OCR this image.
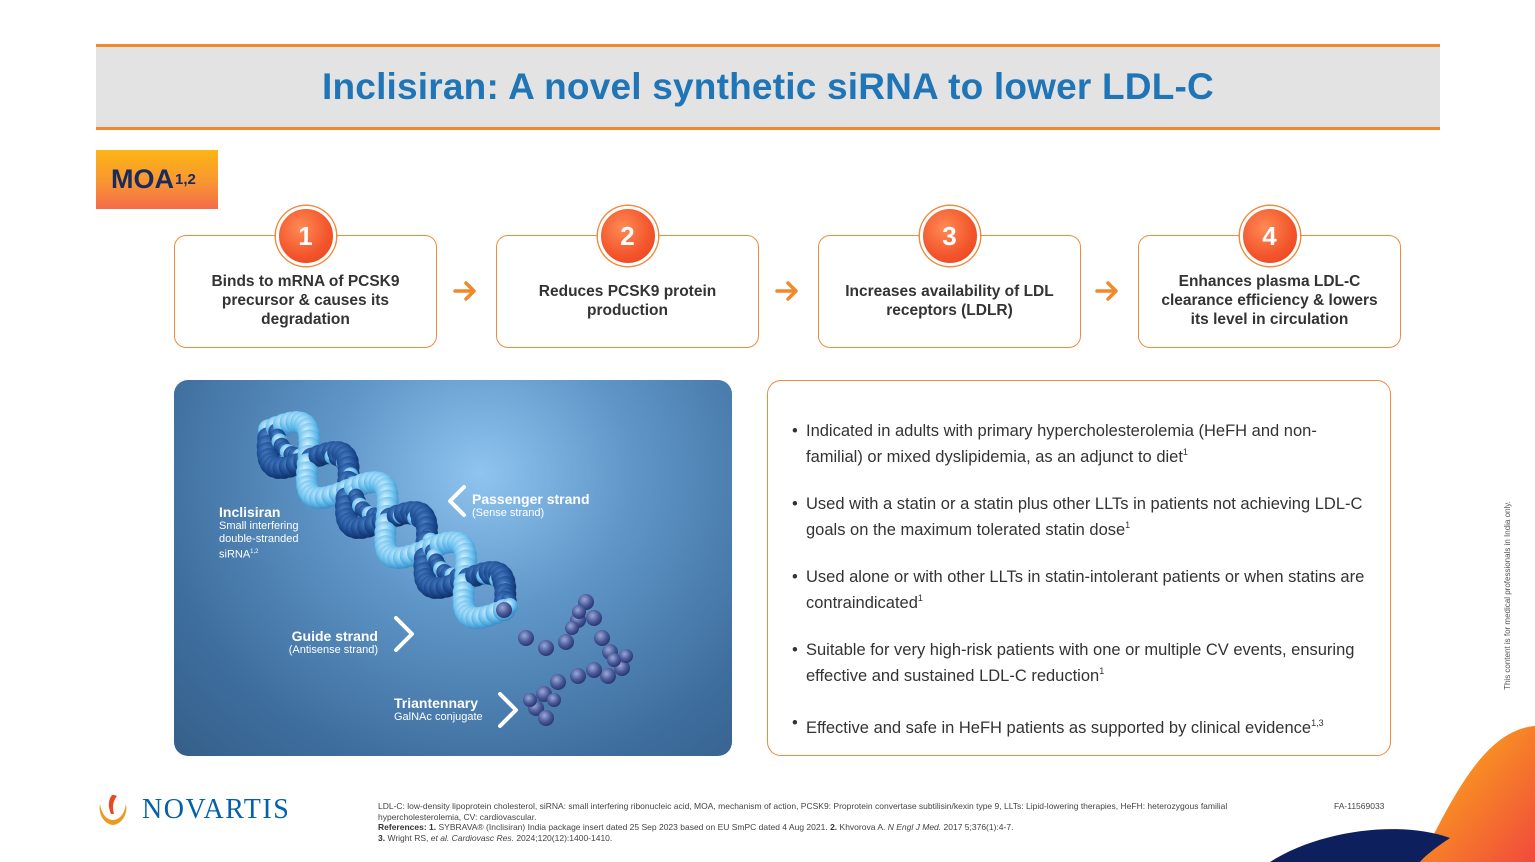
Inclisiran: A novel synthetic siRNA to lower LDL-C
MOA 1,2
1
Binds to mRNA of PCSK9 precursor & causes its degradation
2
Reduces PCSK9 protein production
3
Increases availability of LDL receptors (LDLR)
4
Enhances plasma LDL-C clearance efficiency & lowers its level in circulation
Inclisiran
Small interfering
double-stranded
siRNA$^{1,2}$
Passenger strand
(Sense strand)
Guide strand
(Antisense strand)
Triantennary
GalNAc conjugate
• Indicated in adults with primary hypercholesterolemia (HeFH and non-familial) or mixed dyslipidemia, as an adjunct to diet$^1$
• Used with a statin or a statin plus other LLTs in patients not achieving LDL-C goals on the maximum tolerated statin dose$^1$
• Used alone or with other LLTs in statin-intolerant patients or when statins are contraindicated$^1$
• Suitable for very high-risk patients with one or multiple CV events, ensuring effective and sustained LDL-C reduction$^1$
• Effective and safe in HeFH patients as supported by clinical evidence$^{1,3}$
This content is for medical professionals in India only.
NOVARTIS	LDL-C: low-density lipoprotein cholesterol, siRNA: small interfering ribonucleic acid, MOA, mechanism of action, PCSK9: Proprotein convertase subtilisin/kexin type 9, LLTs: Lipid-lowering therapies, HeFH: heterozygous familial hypercholesterolemia, CV: cardiovascular.
References: 1. SYBRAVA® (Inclisiran) India package insert dated 25 Sep 2023 based on EU SmPC dated 4 Aug 2021. 2. Khvorova A. N Engl J Med. 2017 5;376(1):4-7.
3. Wright RS, et al. Cardiovasc Res. 2024;120(12):1400-1410.
FA-11569033
